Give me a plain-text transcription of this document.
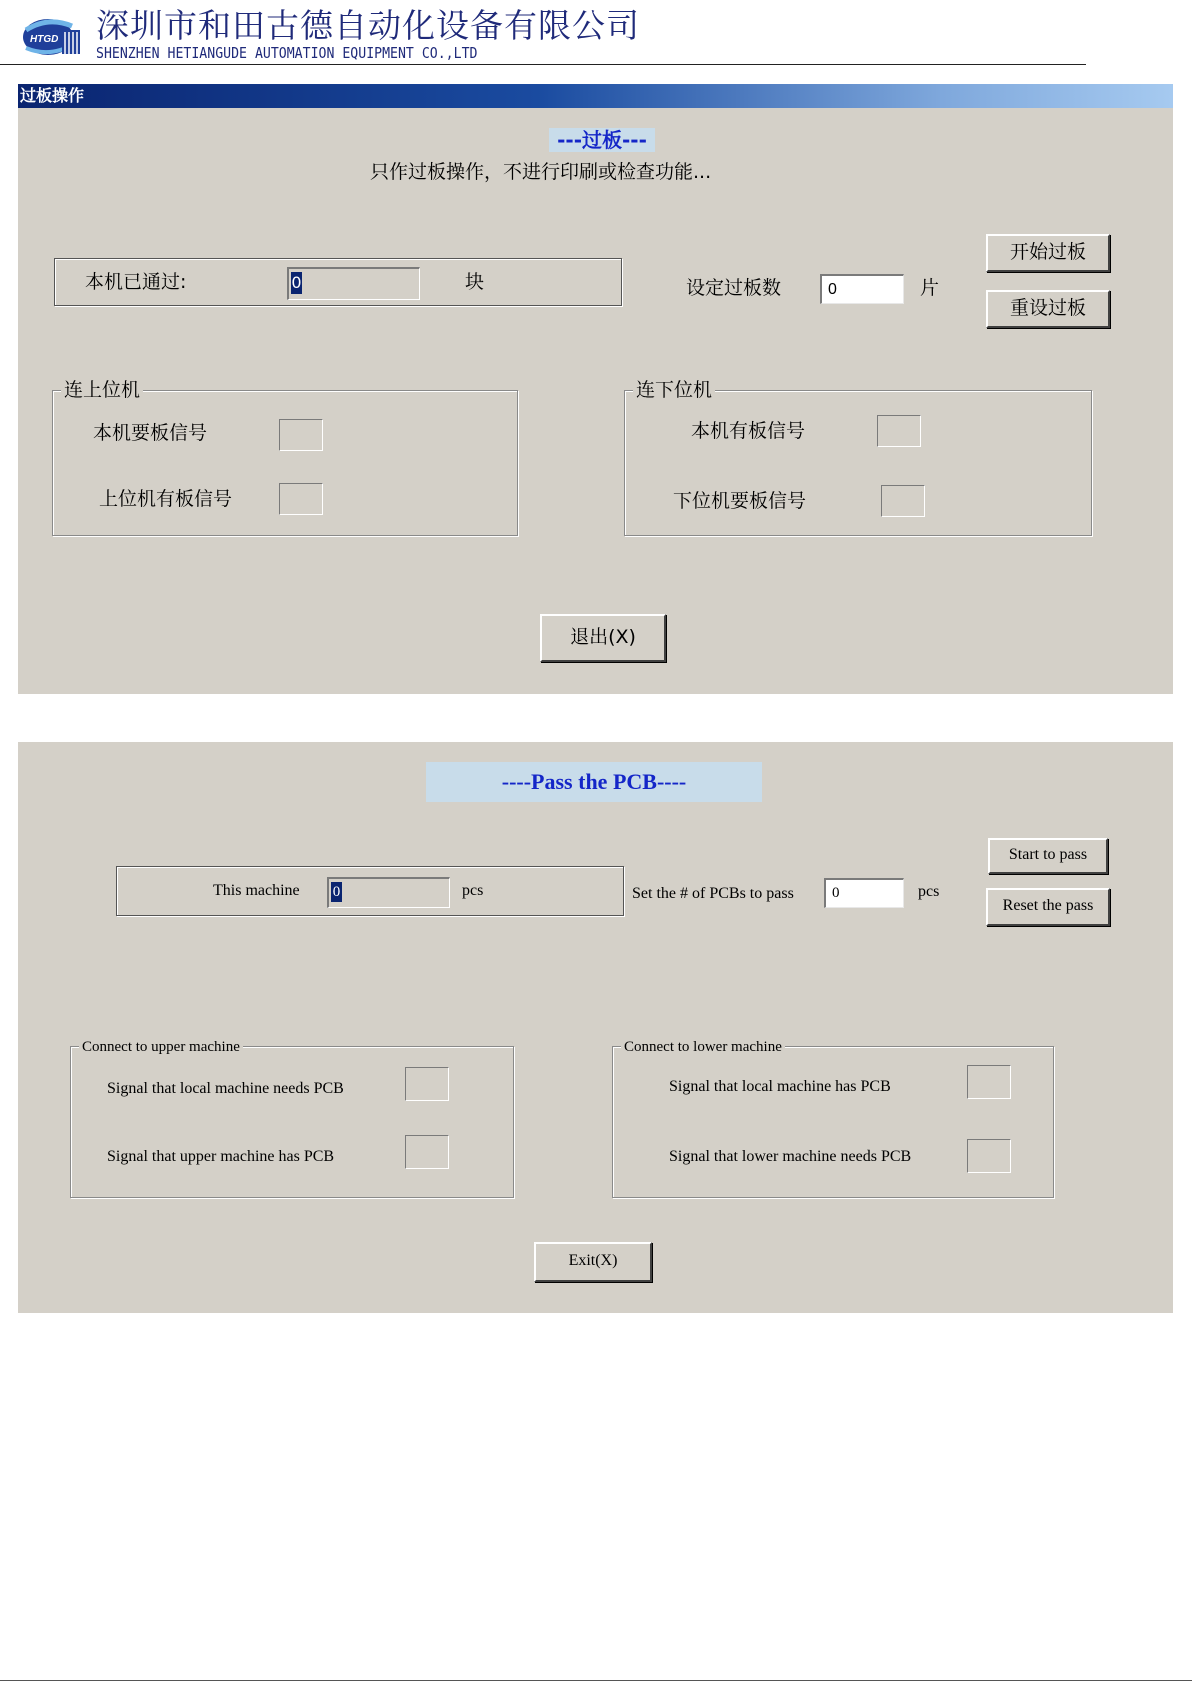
HTGD 深圳市和田古德自动化设备有限公司
SHENZHEN HETIANGUDE AUTOMATION EQUIPMENT CO.,LTD
过板操作
---过板---
只作过板操作，不进行印刷或检查功能...
本机已通过:	0	块	设定过板数
0	片
开始过板
重设过板
连上位机
本机要板信号
上位机有板信号
连下位机
本机有板信号
下位机要板信号
退出(X)
----Pass the PCB----
This machine 0	pcs	Set the # of PCBs to pass
0	pcs
Start to pass
Reset the pass
Connect to upper machine
Signal that local machine needs PCB
Signal that upper machine has PCB
Connect to lower machine
Signal that local machine has PCB
Signal that lower machine needs PCB
Exit(X)
